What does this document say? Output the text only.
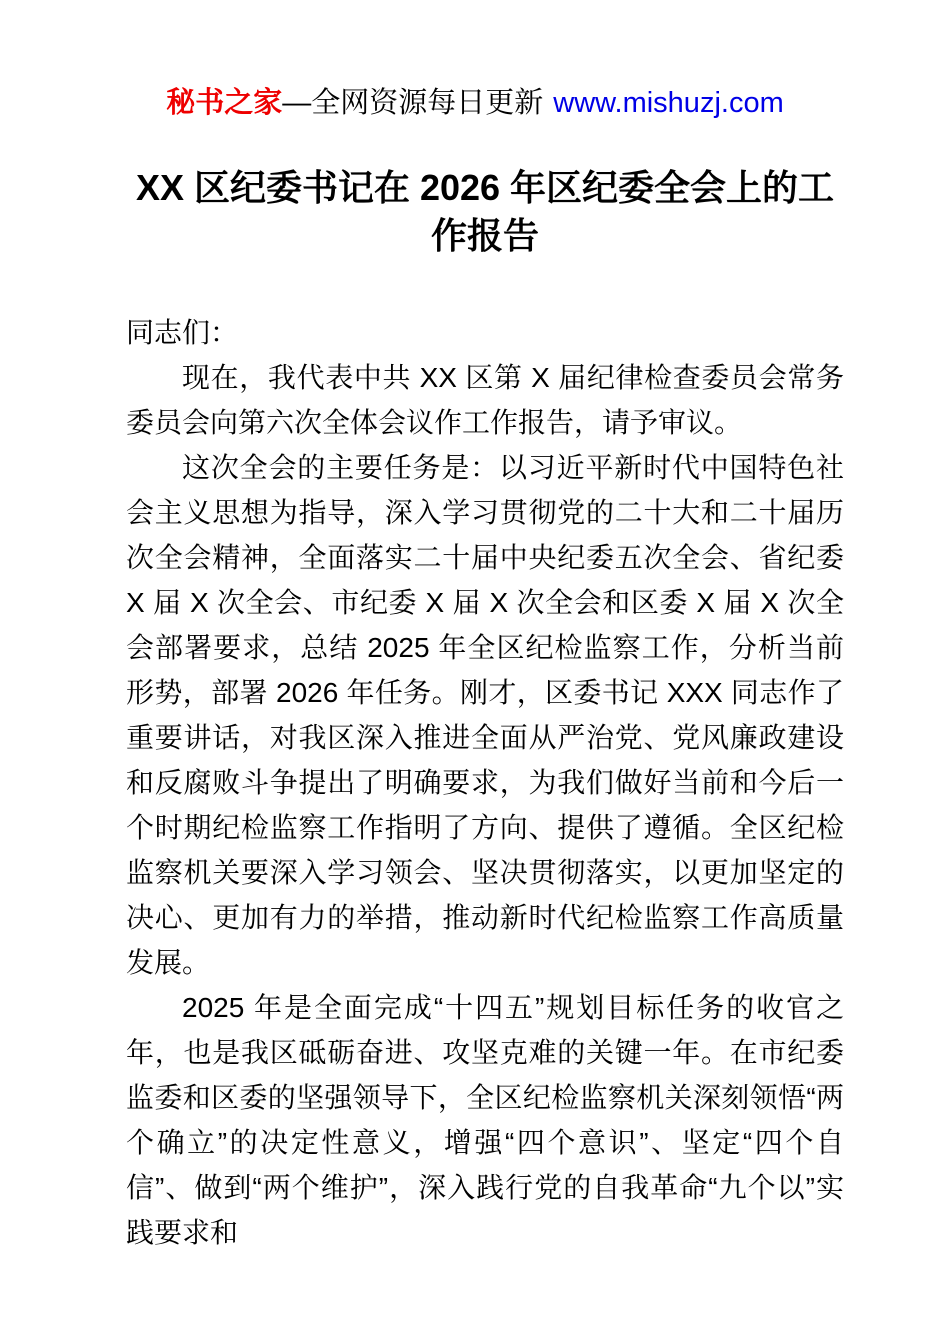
秘书之家—全网资源每日更新 www.mishuzj.com
XX 区纪委书记在 2026 年区纪委全会上的工作报告

同志们：

现在，我代表中共 XX 区第 X 届纪律检查委员会常务委员会向第六次全体会议作工作报告，请予审议。

这次全会的主要任务是：以习近平新时代中国特色社会主义思想为指导，深入学习贯彻党的二十大和二十届历次全会精神，全面落实二十届中央纪委五次全会、省纪委 X 届 X 次全会、市纪委 X 届 X 次全会和区委 X 届 X 次全会部署要求，总结 2025 年全区纪检监察工作，分析当前形势，部署 2026 年任务。刚才，区委书记 XXX 同志作了重要讲话，对我区深入推进全面从严治党、党风廉政建设和反腐败斗争提出了明确要求，为我们做好当前和今后一个时期纪检监察工作指明了方向、提供了遵循。全区纪检监察机关要深入学习领会、坚决贯彻落实，以更加坚定的决心、更加有力的举措，推动新时代纪检监察工作高质量发展。

2025 年是全面完成“十四五”规划目标任务的收官之年，也是我区砥砺奋进、攻坚克难的关键一年。在市纪委监委和区委的坚强领导下，全区纪检监察机关深刻领悟“两个确立”的决定性意义，增强“四个意识”、坚定“四个自信”、做到“两个维护”，深入践行党的自我革命“九个以”实践要求和
